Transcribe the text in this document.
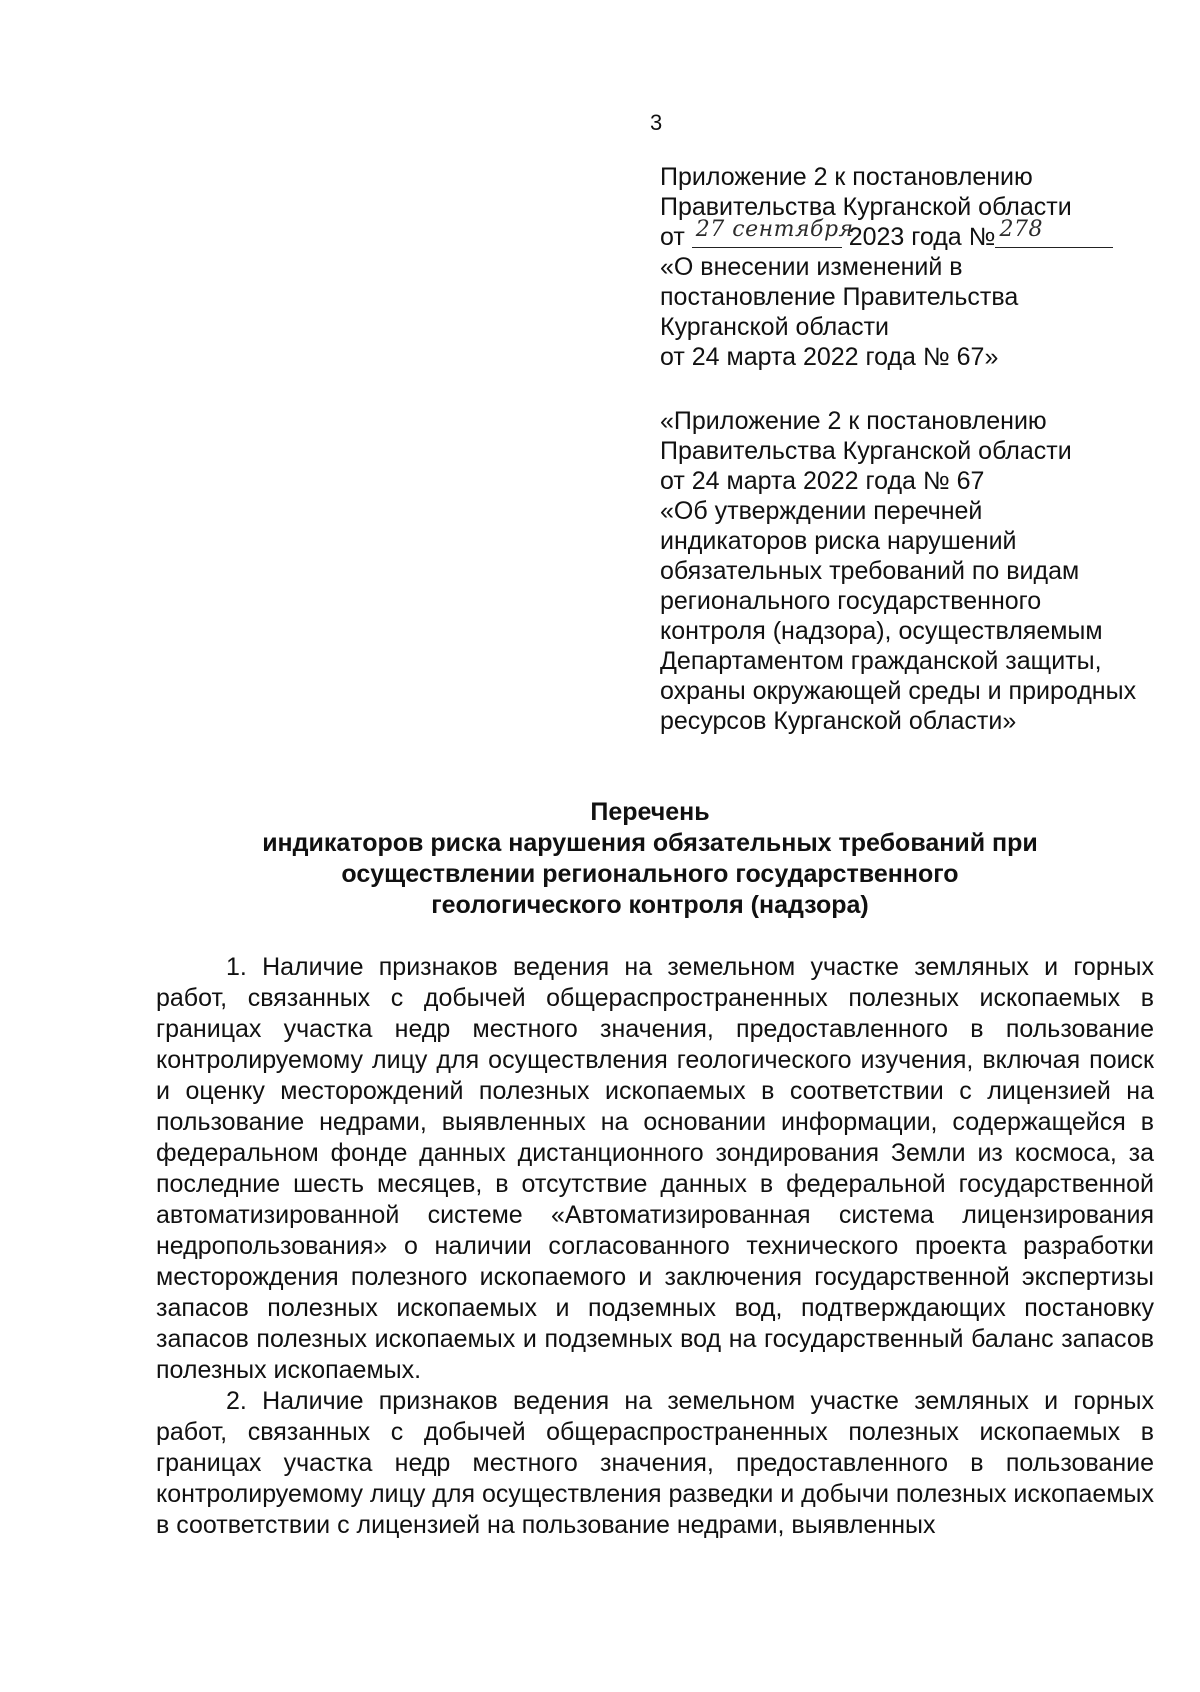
3
Приложение 2 к постановлению
Правительства Курганской области
от 27 сентября
2023 года № 278
«О внесении изменений в
постановление Правительства
Курганской области
от 24 марта 2022 года № 67»
«Приложение 2 к постановлению
Правительства Курганской области
от 24 марта 2022 года № 67
«Об утверждении перечней
индикаторов риска нарушений
обязательных требований по видам
регионального государственного
контроля (надзора), осуществляемым
Департаментом гражданской защиты,
охраны окружающей среды и природных
ресурсов Курганской области»
Перечень
индикаторов риска нарушения обязательных требований при
осуществлении регионального государственного
геологического контроля (надзора)

1. Наличие признаков ведения на земельном участке земляных и горных работ, связанных с добычей общераспространенных полезных ископаемых в границах участка недр местного значения, предоставленного в пользование контролируемому лицу для осуществления геологического изучения, включая поиск и оценку месторождений полезных ископаемых в соответствии с лицензией на пользование недрами, выявленных на основании информации, содержащейся в федеральном фонде данных дистанционного зондирования Земли из космоса, за последние шесть месяцев, в отсутствие данных в федеральной государственной автоматизированной системе «Автоматизированная система лицензирования недропользования» о наличии согласованного технического проекта разработки месторождения полезного ископаемого и заключения государственной экспертизы запасов полезных ископаемых и подземных вод, подтверждающих постановку запасов полезных ископаемых и подземных вод на государственный баланс запасов полезных ископаемых.

2. Наличие признаков ведения на земельном участке земляных и горных работ, связанных с добычей общераспространенных полезных ископаемых в границах участка недр местного значения, предоставленного в пользование контролируемому лицу для осуществления разведки и добычи полезных ископаемых в соответствии с лицензией на пользование недрами, выявленных
